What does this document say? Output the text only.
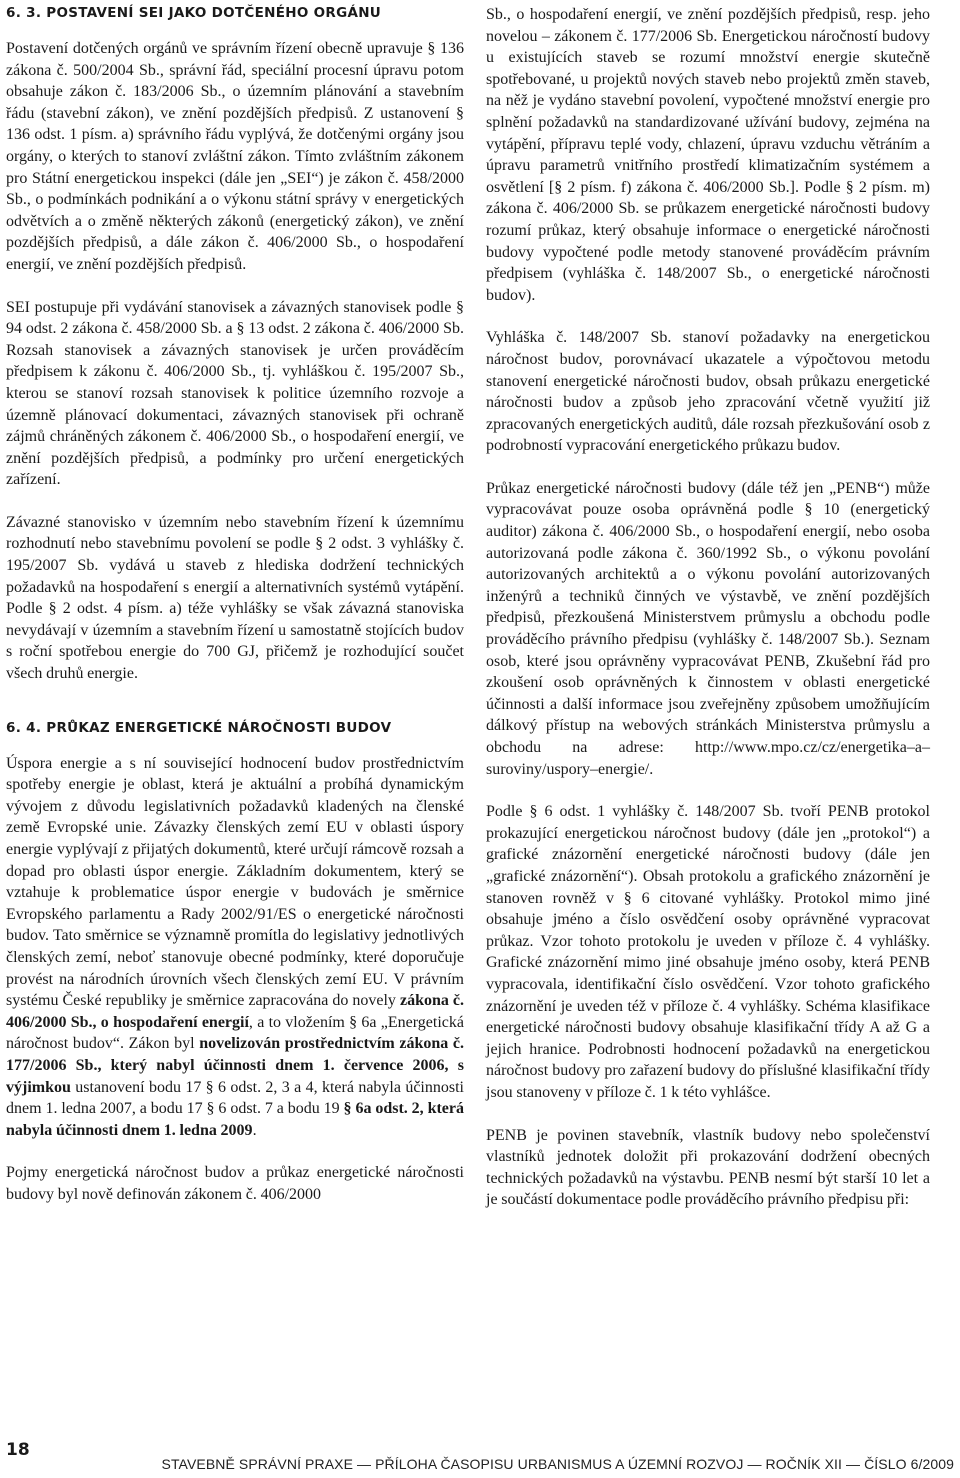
6. 3. POSTAVENÍ SEI JAKO DOTČENÉHO ORGÁNU

Postavení dotčených orgánů ve správním řízení obecně upravuje § 136 zákona č. 500/2004 Sb., správní řád, speciální procesní úpravu potom obsahuje zákon č. 183/2006 Sb., o územním plánování a stavebním řádu (stavební zákon), ve znění pozdějších předpisů. Z ustanovení § 136 odst. 1 písm. a) správního řádu vyplývá, že dotčenými orgány jsou orgány, o kterých to stanoví zvláštní zákon. Tímto zvláštním zákonem pro Státní energetickou inspekci (dále jen „SEI“) je zákon č. 458/2000 Sb., o podmínkách podnikání a o výkonu státní správy v energetických odvětvích a o změně některých zákonů (energetický zákon), ve znění pozdějších předpisů, a dále zákon č. 406/2000 Sb., o hospodaření energií, ve znění pozdějších předpisů.

SEI postupuje při vydávání stanovisek a závazných stanovisek podle § 94 odst. 2 zákona č. 458/2000 Sb. a § 13 odst. 2 zákona č. 406/2000 Sb. Rozsah stanovisek a závazných stanovisek je určen prováděcím předpisem k zákonu č. 406/2000 Sb., tj. vyhláškou č. 195/2007 Sb., kterou se stanoví rozsah stanovisek k politice územního rozvoje a územně plánovací dokumentaci, závazných stanovisek při ochraně zájmů chráněných zákonem č. 406/2000 Sb., o hospodaření energií, ve znění pozdějších předpisů, a podmínky pro určení energetických zařízení.

Závazné stanovisko v územním nebo stavebním řízení k územnímu rozhodnutí nebo stavebnímu povolení se podle § 2 odst. 3 vyhlášky č. 195/2007 Sb. vydává u staveb z hlediska dodržení technických požadavků na hospodaření s energií a alternativních systémů vytápění. Podle § 2 odst. 4 písm. a) téže vyhlášky se však závazná stanoviska nevydávají v územním a stavebním řízení u samostatně stojících budov s roční spotřebou energie do 700 GJ, přičemž je rozhodující součet všech druhů energie.

6. 4. PRŮKAZ ENERGETICKÉ NÁROČNOSTI BUDOV

Úspora energie a s ní související hodnocení budov prostřednictvím spotřeby energie je oblast, která je aktuální a probíhá dynamickým vývojem z důvodu legislativních požadavků kladených na členské země Evropské unie. Závazky členských zemí EU v oblasti úspory energie vyplývají z přijatých dokumentů, které určují rámcově rozsah a dopad pro oblasti úspor energie. Základním dokumentem, který se vztahuje k problematice úspor energie v budovách je směrnice Evropského parlamentu a Rady 2002/91/ES o energetické náročnosti budov. Tato směrnice se významně promítla do legislativy jednotlivých členských zemí, neboť stanovuje obecné podmínky, které doporučuje provést na národních úrovních všech členských zemí EU. V právním systému České republiky je směrnice zapracována do novely zákona č. 406/2000 Sb., o hospodaření energií, a to vložením § 6a „Energetická náročnost budov“. Zákon byl novelizován prostřednictvím zákona č. 177/2006 Sb., který nabyl účinnosti dnem 1. července 2006, s výjimkou ustanovení bodu 17 § 6 odst. 2, 3 a 4, která nabyla účinnosti dnem 1. ledna 2007, a bodu 17 § 6 odst. 7 a bodu 19 § 6a odst. 2, která nabyla účinnosti dnem 1. ledna 2009.

Pojmy energetická náročnost budov a průkaz energetické náročnosti budovy byl nově definován zákonem č. 406/2000

Sb., o hospodaření energií, ve znění pozdějších předpisů, resp. jeho novelou – zákonem č. 177/2006 Sb. Energetickou náročností budovy u existujících staveb se rozumí množství energie skutečně spotřebované, u projektů nových staveb nebo projektů změn staveb, na něž je vydáno stavební povolení, vypočtené množství energie pro splnění požadavků na standardizované užívání budovy, zejména na vytápění, přípravu teplé vody, chlazení, úpravu vzduchu větráním a úpravu parametrů vnitřního prostředí klimatizačním systémem a osvětlení [§ 2 písm. f) zákona č. 406/2000 Sb.]. Podle § 2 písm. m) zákona č. 406/2000 Sb. se průkazem energetické náročnosti budovy rozumí průkaz, který obsahuje informace o energetické náročnosti budovy vypočtené podle metody stanovené prováděcím právním předpisem (vyhláška č. 148/2007 Sb., o energetické náročnosti budov).

Vyhláška č. 148/2007 Sb. stanoví požadavky na energetickou náročnost budov, porovnávací ukazatele a výpočtovou metodu stanovení energetické náročnosti budov, obsah průkazu energetické náročnosti budov a způsob jeho zpracování včetně využití již zpracovaných energetických auditů, dále rozsah přezkušování osob z podrobností vypracování energetického průkazu budov.

Průkaz energetické náročnosti budovy (dále též jen „PENB“) může vypracovávat pouze osoba oprávněná podle § 10 (energetický auditor) zákona č. 406/2000 Sb., o hospodaření energií, nebo osoba autorizovaná podle zákona č. 360/1992 Sb., o výkonu povolání autorizovaných architektů a o výkonu povolání autorizovaných inženýrů a techniků činných ve výstavbě, ve znění pozdějších předpisů, přezkoušená Ministerstvem průmyslu a obchodu podle prováděcího právního předpisu (vyhlášky č. 148/2007 Sb.). Seznam osob, které jsou oprávněny vypracovávat PENB, Zkušební řád pro zkoušení osob oprávněných k činnostem v oblasti energetické účinnosti a další informace jsou zveřejněny způsobem umožňujícím dálkový přístup na webových stránkách Ministerstva průmyslu a obchodu na adrese: http://www.mpo.cz/cz/energetika–a–suroviny/uspory–energie/.

Podle § 6 odst. 1 vyhlášky č. 148/2007 Sb. tvoří PENB protokol prokazující energetickou náročnost budovy (dále jen „protokol“) a grafické znázornění energetické náročnosti budovy (dále jen „grafické znázornění“). Obsah protokolu a grafického znázornění je stanoven rovněž v § 6 citované vyhlášky. Protokol mimo jiné obsahuje jméno a číslo osvědčení osoby oprávněné vypracovat průkaz. Vzor tohoto protokolu je uveden v příloze č. 4 vyhlášky. Grafické znázornění mimo jiné obsahuje jméno osoby, která PENB vypracovala, identifikační číslo osvědčení. Vzor tohoto grafického znázornění je uveden též v příloze č. 4 vyhlášky. Schéma klasifikace energetické náročnosti budovy obsahuje klasifikační třídy A až G a jejich hranice. Podrobnosti hodnocení požadavků na energetickou náročnost budovy pro zařazení budovy do příslušné klasifikační třídy jsou stanoveny v příloze č. 1 k této vyhlášce.

PENB je povinen stavebník, vlastník budovy nebo společenství vlastníků jednotek doložit při prokazování dodržení obecných technických požadavků na výstavbu. PENB nesmí být starší 10 let a je součástí dokumentace podle prováděcího právního předpisu při:

18
STAVEBNĚ SPRÁVNÍ PRAXE — PŘÍLOHA ČASOPISU URBANISMUS A ÚZEMNÍ ROZVOJ — ROČNÍK XII — ČÍSLO 6/2009
